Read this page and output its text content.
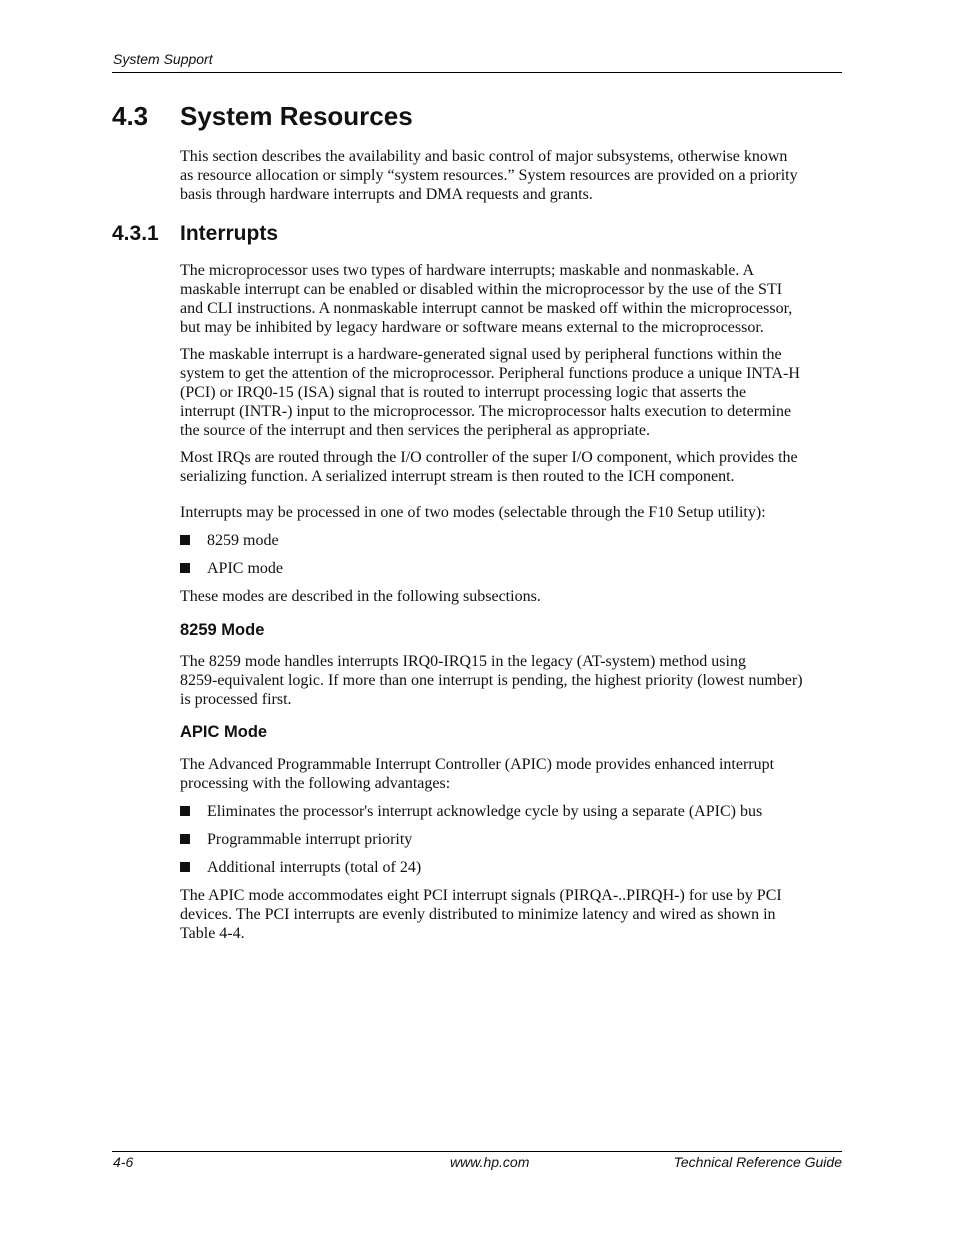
System Support
4.3 System Resources
This section describes the availability and basic control of major subsystems, otherwise known
as resource allocation or simply “system resources.” System resources are provided on a priority
basis through hardware interrupts and DMA requests and grants.
4.3.1 Interrupts
The microprocessor uses two types of hardware interrupts; maskable and nonmaskable. A
maskable interrupt can be enabled or disabled within the microprocessor by the use of the STI
and CLI instructions. A nonmaskable interrupt cannot be masked off within the microprocessor,
but may be inhibited by legacy hardware or software means external to the microprocessor.
The maskable interrupt is a hardware-generated signal used by peripheral functions within the
system to get the attention of the microprocessor. Peripheral functions produce a unique INTA-H
(PCI) or IRQ0-15 (ISA) signal that is routed to interrupt processing logic that asserts the
interrupt (INTR-) input to the microprocessor. The microprocessor halts execution to determine
the source of the interrupt and then services the peripheral as appropriate.
Most IRQs are routed through the I/O controller of the super I/O component, which provides the
serializing function. A serialized interrupt stream is then routed to the ICH component.
Interrupts may be processed in one of two modes (selectable through the F10 Setup utility):
8259 mode
APIC mode
These modes are described in the following subsections.
8259 Mode
The 8259 mode handles interrupts IRQ0-IRQ15 in the legacy (AT-system) method using
8259-equivalent logic. If more than one interrupt is pending, the highest priority (lowest number)
is processed first.
APIC Mode
The Advanced Programmable Interrupt Controller (APIC) mode provides enhanced interrupt
processing with the following advantages:
Eliminates the processor's interrupt acknowledge cycle by using a separate (APIC) bus
Programmable interrupt priority
Additional interrupts (total of 24)
The APIC mode accommodates eight PCI interrupt signals (PIRQA-..PIRQH-) for use by PCI
devices. The PCI interrupts are evenly distributed to minimize latency and wired as shown in
Table 4-4.
4-6	www.hp.com	Technical Reference Guide
